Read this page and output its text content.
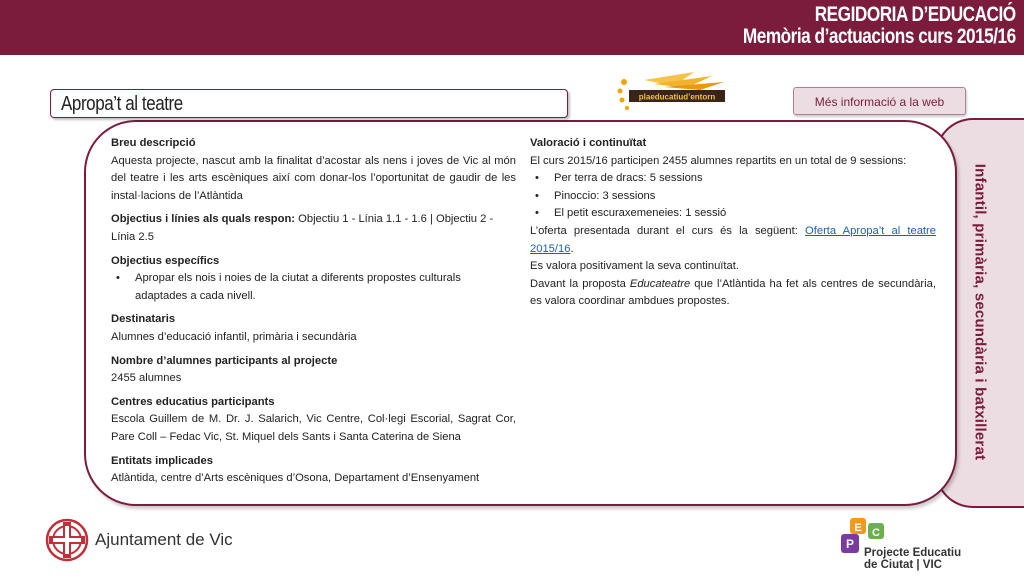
REGIDORIA D’EDUCACIÓ
Memòria d’actuacions curs 2015/16
Infantil, primària, secundària i batxillerat
Apropa’t al teatre	plaeducatiud’entorn	Més informació a la web
Breu descripció

Aquesta projecte, nascut amb la finalitat d’acostar als nens i joves de Vic al món del teatre i les arts escèniques així com donar-los l’oportunitat de gaudir de les instal·lacions de l’Atlàntida

Objectius i línies als quals respon: Objectiu 1 - Línia 1.1 - 1.6 | Objectiu 2 - Línia 2.5
Objectius específics
• Apropar els nois i noies de la ciutat a diferents propostes culturals adaptades a cada nivell.
Destinataris

Alumnes d’educació infantil, primària i secundària

Nombre d’alumnes participants al projecte

2455 alumnes

Centres educatius participants

Escola Guillem de M. Dr. J. Salarich, Vic Centre, Col·legi Escorial, Sagrat Cor, Pare Coll – Fedac Vic, St. Miquel dels Sants i Santa Caterina de Siena

Entitats implicades

Atlàntida, centre d’Arts escèniques d’Osona, Departament d’Ensenyament

Valoració i continuïtat

El curs 2015/16 participen 2455 alumnes repartits en un total de 9 sessions:

• Per terra de dracs: 5 sessions
• Pinoccio: 3 sessions
• El petit escuraxemeneies: 1 sessió

L’oferta presentada durant el curs és la següent: Oferta Apropa’t al teatre 2015/16.

Es valora positivament la seva continuïtat.

Davant la proposta Educateatre que l’Atlàntida ha fet als centres de secundària, es valora coordinar ambdues propostes.

Ajuntament de Vic
E C
P
Projecte Educatiu
de Ciutat | VIC
